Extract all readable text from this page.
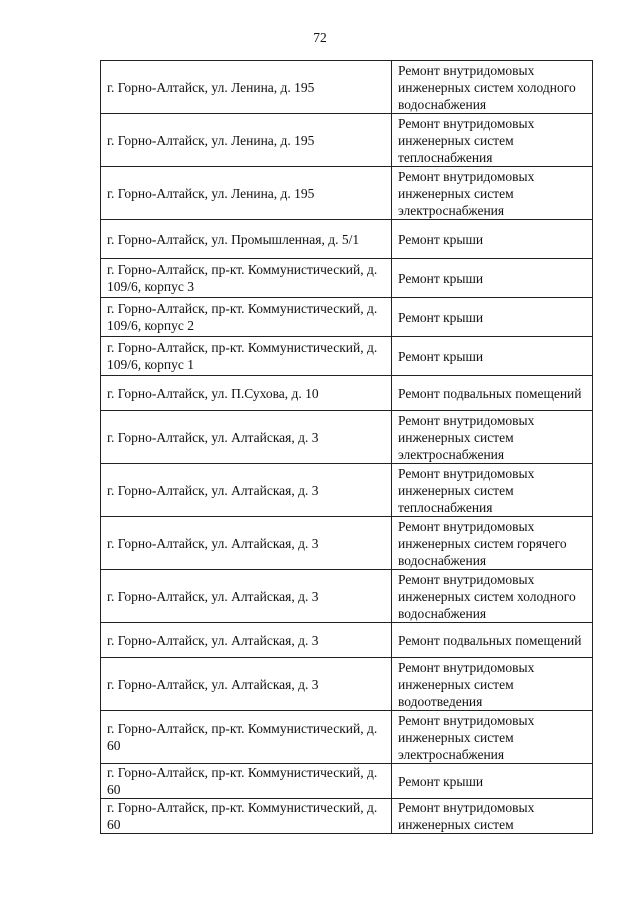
72
г. Горно-Алтайск, ул. Ленина, д. 195	Ремонт внутридомовых инженерных систем холодного водоснабжения
г. Горно-Алтайск, ул. Ленина, д. 195	Ремонт внутридомовых инженерных систем теплоснабжения
г. Горно-Алтайск, ул. Ленина, д. 195	Ремонт внутридомовых инженерных систем электроснабжения
г. Горно-Алтайск, ул. Промышленная, д. 5/1	Ремонт крыши
г. Горно-Алтайск, пр-кт. Коммунистический, д. 109/6, корпус 3	Ремонт крыши
г. Горно-Алтайск, пр-кт. Коммунистический, д. 109/6, корпус 2	Ремонт крыши
г. Горно-Алтайск, пр-кт. Коммунистический, д. 109/6, корпус 1	Ремонт крыши
г. Горно-Алтайск, ул. П.Сухова, д. 10	Ремонт подвальных помещений
г. Горно-Алтайск, ул. Алтайская, д. 3	Ремонт внутридомовых инженерных систем электроснабжения
г. Горно-Алтайск, ул. Алтайская, д. 3	Ремонт внутридомовых инженерных систем теплоснабжения
г. Горно-Алтайск, ул. Алтайская, д. 3	Ремонт внутридомовых инженерных систем горячего водоснабжения
г. Горно-Алтайск, ул. Алтайская, д. 3	Ремонт внутридомовых инженерных систем холодного водоснабжения
г. Горно-Алтайск, ул. Алтайская, д. 3	Ремонт подвальных помещений
г. Горно-Алтайск, ул. Алтайская, д. 3	Ремонт внутридомовых инженерных систем водоотведения
г. Горно-Алтайск, пр-кт. Коммунистический, д. 60	Ремонт внутридомовых инженерных систем электроснабжения
г. Горно-Алтайск, пр-кт. Коммунистический, д. 60	Ремонт крыши
г. Горно-Алтайск, пр-кт. Коммунистический, д. 60	Ремонт внутридомовых инженерных систем
